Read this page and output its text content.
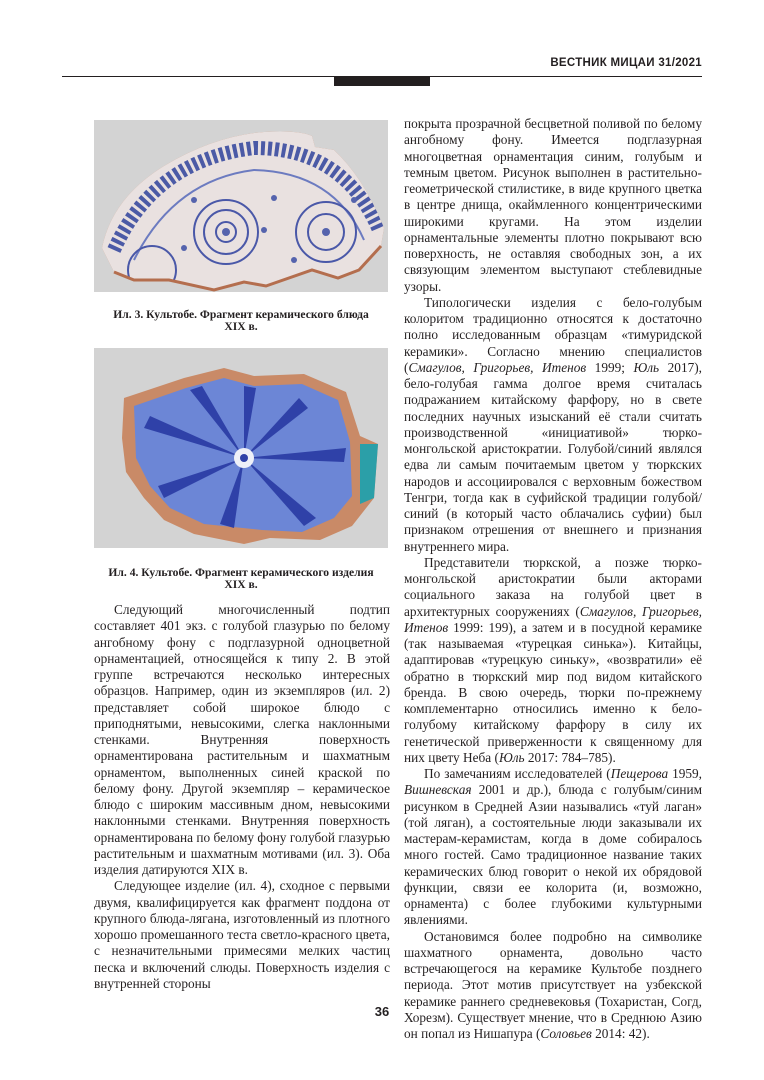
ВЕСТНИК МИЦАИ 31/2021
Ил. 3. Культобе. Фрагмент керамического блюда
XIX в.
Ил. 4. Культобе. Фрагмент керамического изделия
XIX в.

Следующий многочисленный подтип составляет 401 экз. с голубой глазурью по белому ангобному фону с подглазурной одноцветной орнаментацией, относящейся к типу 2. В этой группе встречаются несколько интересных образцов. Например, один из экземпляров (ил. 2) представляет собой широкое блюдо с приподнятыми, невысокими, слегка наклонными стенками. Внутренняя поверхность орнаментирована растительным и шахматным орнаментом, выполненных синей краской по белому фону. Другой экземпляр – керамическое блюдо с широким массивным дном, невысокими наклонными стенками. Внутренняя поверхность орнаментирована по белому фону голубой глазурью растительным и шахматным мотивами (ил. 3). Оба изделия датируются XIX в.

Следующее изделие (ил. 4), сходное с первыми двумя, квалифицируется как фрагмент поддона от крупного блюда-ляганa, изготовленный из плотного хорошо промешанного теста светло-красного цвета, с незначительными примесями мелких частиц песка и включений слюды. Поверхность изделия с внутренней стороны

покрыта прозрачной бесцветной поливой по белому ангобному фону. Имеется подглазурная многоцветная орнаментация синим, голубым и темным цветом. Рисунок выполнен в растительно-геометрической стилистике, в виде крупного цветка в центре днища, окаймленного концентрическими широкими кругами. На этом изделии орнаментальные элементы плотно покрывают всю поверхность, не оставляя свободных зон, а их связующим элементом выступают стеблевидные узоры.

Типологически изделия с бело-голубым колоритом традиционно относятся к достаточно полно исследованным образцам «тимуридской керамики». Согласно мнению специалистов (Смагулов, Григорьев, Итенов 1999; Юль 2017), бело-голубая гамма долгое время считалась подражанием китайскому фарфору, но в свете последних научных изысканий её стали считать производственной «инициативой» тюрко-монгольской аристократии. Голубой/синий являлся едва ли самым почитаемым цветом у тюркских народов и ассоциировался с верховным божеством Тенгри, тогда как в суфийской традиции голубой/синий (в который часто облачались суфии) был признаком отрешения от внешнего и признания внутреннего мира.

Представители тюркской, а позже тюрко-монгольской аристократии были акторами социального заказа на голубой цвет в архитектурных сооружениях (Смагулов, Григорьев, Итенов 1999: 199), а затем и в посудной керамике (так называемая «турецкая синька»). Китайцы, адаптировав «турецкую синьку», «возвратили» её обратно в тюркский мир под видом китайского бренда. В свою очередь, тюрки по-прежнему комплементарно относились именно к бело-голубому китайскому фарфору в силу их генетической приверженности к священному для них цвету Неба (Юль 2017: 784–785).

По замечаниям исследователей (Пещерова 1959, Вишневская 2001 и др.), блюда с голубым/синим рисунком в Средней Азии назывались «туй лаган» (той ляган), а состоятельные люди заказывали их мастерам-керамистам, когда в доме собиралось много гостей. Само традиционное название таких керамических блюд говорит о некой их обрядовой функции, связи ее колорита (и, возможно, орнамента) с более глубокими культурными явлениями.

Остановимся более подробно на символике шахматного орнамента, довольно часто встречающегося на керамике Культобе позднего периода. Этот мотив присутствует на узбекской керамике раннего средневековья (Тохаристан, Согд, Хорезм). Существует мнение, что в Среднюю Азию он попал из Нишапура (Соловьев 2014: 42).

36
